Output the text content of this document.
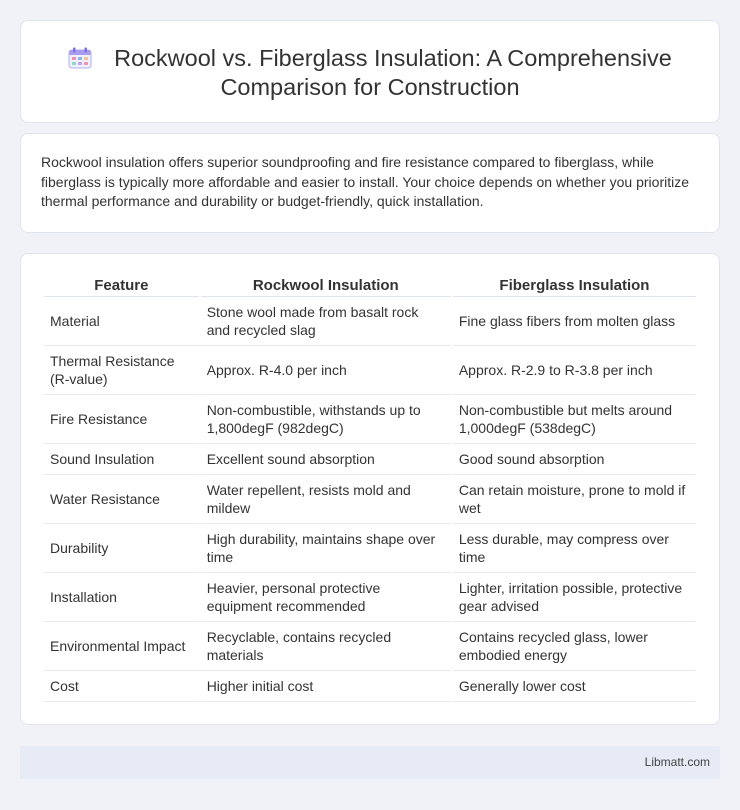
Rockwool vs. Fiberglass Insulation: A Comprehensive Comparison for Construction

Rockwool insulation offers superior soundproofing and fire resistance compared to fiberglass, while fiberglass is typically more affordable and easier to install. Your choice depends on whether you prioritize thermal performance and durability or budget-friendly, quick installation.

Feature	Rockwool Insulation	Fiberglass Insulation
Material	Stone wool made from basalt rock and recycled slag	Fine glass fibers from molten glass
Thermal Resistance (R-value)	Approx. R-4.0 per inch	Approx. R-2.9 to R-3.8 per inch
Fire Resistance	Non-combustible, withstands up to 1,800degF (982degC)	Non-combustible but melts around 1,000degF (538degC)
Sound Insulation	Excellent sound absorption	Good sound absorption
Water Resistance	Water repellent, resists mold and mildew	Can retain moisture, prone to mold if wet
Durability	High durability, maintains shape over time	Less durable, may compress over time
Installation	Heavier, personal protective equipment recommended	Lighter, irritation possible, protective gear advised
Environmental Impact	Recyclable, contains recycled materials	Contains recycled glass, lower embodied energy
Cost	Higher initial cost	Generally lower cost
Libmatt.com
